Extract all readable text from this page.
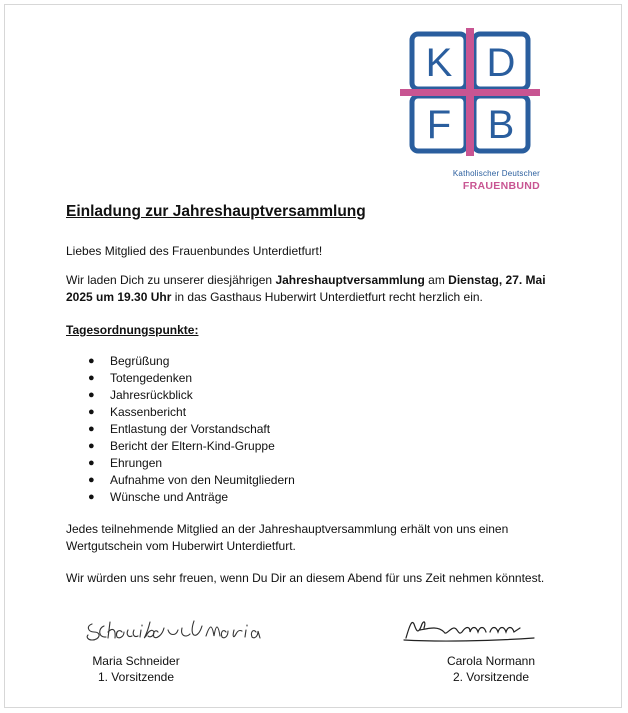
K D
F B
Katholischer Deutscher
FRAUENBUND
Einladung zur Jahreshauptversammlung
Liebes Mitglied des Frauenbundes Unterdietfurt!
Wir laden Dich zu unserer diesjährigen Jahreshauptversammlung am Dienstag, 27. Mai 2025 um 19.30 Uhr in das Gasthaus Huberwirt Unterdietfurt recht herzlich ein.
Tagesordnungspunkte:
● Begrüßung
● Totengedenken
● Jahresrückblick
● Kassenbericht
● Entlastung der Vorstandschaft
● Bericht der Eltern-Kind-Gruppe
● Ehrungen
● Aufnahme von den Neumitgliedern
● Wünsche und Anträge
Jedes teilnehmende Mitglied an der Jahreshauptversammlung erhält von uns einen Wertgutschein vom Huberwirt Unterdietfurt.
Wir würden uns sehr freuen, wenn Du Dir an diesem Abend für uns Zeit nehmen könntest.
Maria Schneider
1. Vorsitzende
Carola Normann
2. Vorsitzende
